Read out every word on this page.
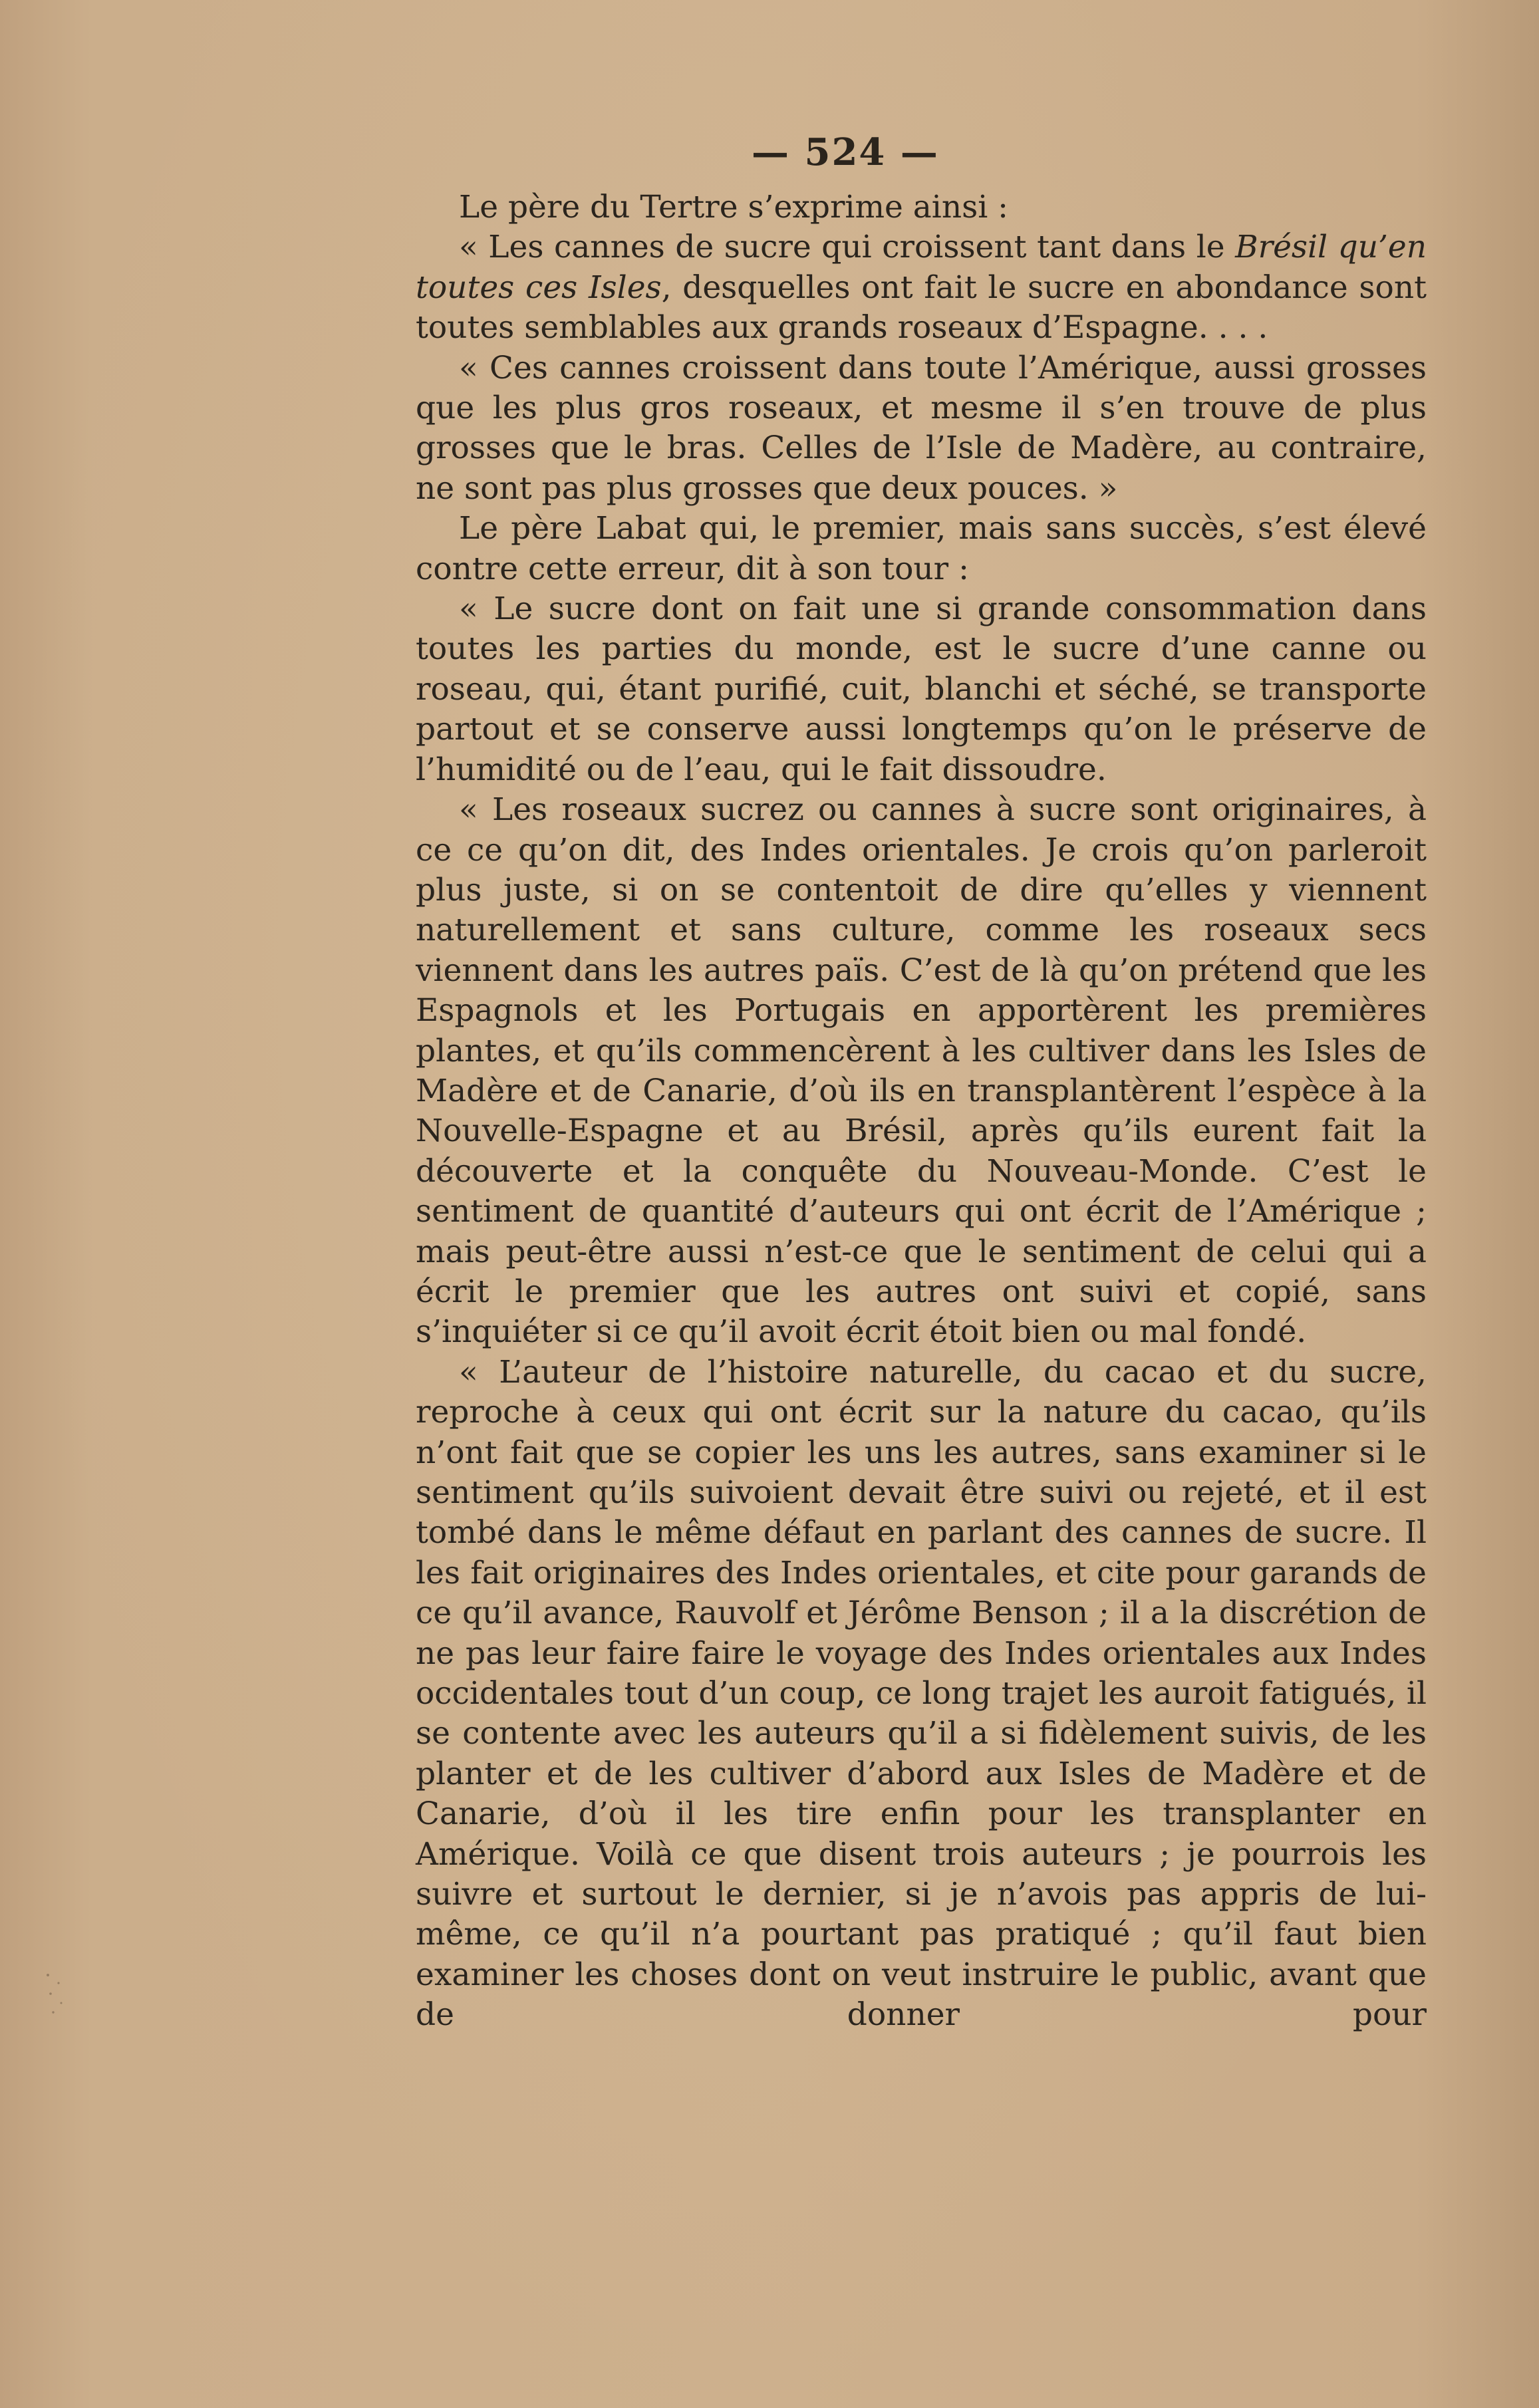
— 524 —

Le père du Tertre s’exprime ainsi :

« Les cannes de sucre qui croissent tant dans le Brésil qu’en toutes ces Isles, desquelles ont fait le sucre en abondance sont toutes semblables aux grands roseaux d’Espagne. . . .

« Ces cannes croissent dans toute l’Amérique, aussi grosses que les plus gros roseaux, et mesme il s’en trouve de plus grosses que le bras. Celles de l’Isle de Madère, au contraire, ne sont pas plus grosses que deux pouces. »

Le père Labat qui, le premier, mais sans succès, s’est élevé contre cette erreur, dit à son tour :

« Le sucre dont on fait une si grande consommation dans toutes les parties du monde, est le sucre d’une canne ou roseau, qui, étant purifié, cuit, blanchi et séché, se transporte partout et se conserve aussi longtemps qu’on le préserve de l’humidité ou de l’eau, qui le fait dissoudre.

« Les roseaux sucrez ou cannes à sucre sont originaires, à ce ce qu’on dit, des Indes orientales. Je crois qu’on parleroit plus juste, si on se contentoit de dire qu’elles y viennent naturellement et sans culture, comme les roseaux secs viennent dans les autres païs. C’est de là qu’on prétend que les Espagnols et les Portugais en apportèrent les premières plantes, et qu’ils commencèrent à les cultiver dans les Isles de Madère et de Canarie, d’où ils en transplantèrent l’espèce à la Nouvelle-Espagne et au Brésil, après qu’ils eurent fait la découverte et la conquête du Nouveau-Monde. C’est le sentiment de quantité d’auteurs qui ont écrit de l’Amérique ; mais peut-être aussi n’est-ce que le sentiment de celui qui a écrit le premier que les autres ont suivi et copié, sans s’inquiéter si ce qu’il avoit écrit étoit bien ou mal fondé.

« L’auteur de l’histoire naturelle, du cacao et du sucre, reproche à ceux qui ont écrit sur la nature du cacao, qu’ils n’ont fait que se copier les uns les autres, sans examiner si le sentiment qu’ils suivoient devait être suivi ou rejeté, et il est tombé dans le même défaut en parlant des cannes de sucre. Il les fait originaires des Indes orientales, et cite pour garands de ce qu’il avance, Rauvolf et Jérôme Benson ; il a la discrétion de ne pas leur faire faire le voyage des Indes orientales aux Indes occidentales tout d’un coup, ce long trajet les auroit fatigués, il se contente avec les auteurs qu’il a si fidèlement suivis, de les planter et de les cultiver d’abord aux Isles de Madère et de Canarie, d’où il les tire enfin pour les transplanter en Amérique. Voilà ce que disent trois auteurs ; je pourrois les suivre et surtout le dernier, si je n’avois pas appris de lui-même, ce qu’il n’a pourtant pas pratiqué ; qu’il faut bien examiner les choses dont on veut instruire le public, avant que de donner pour
